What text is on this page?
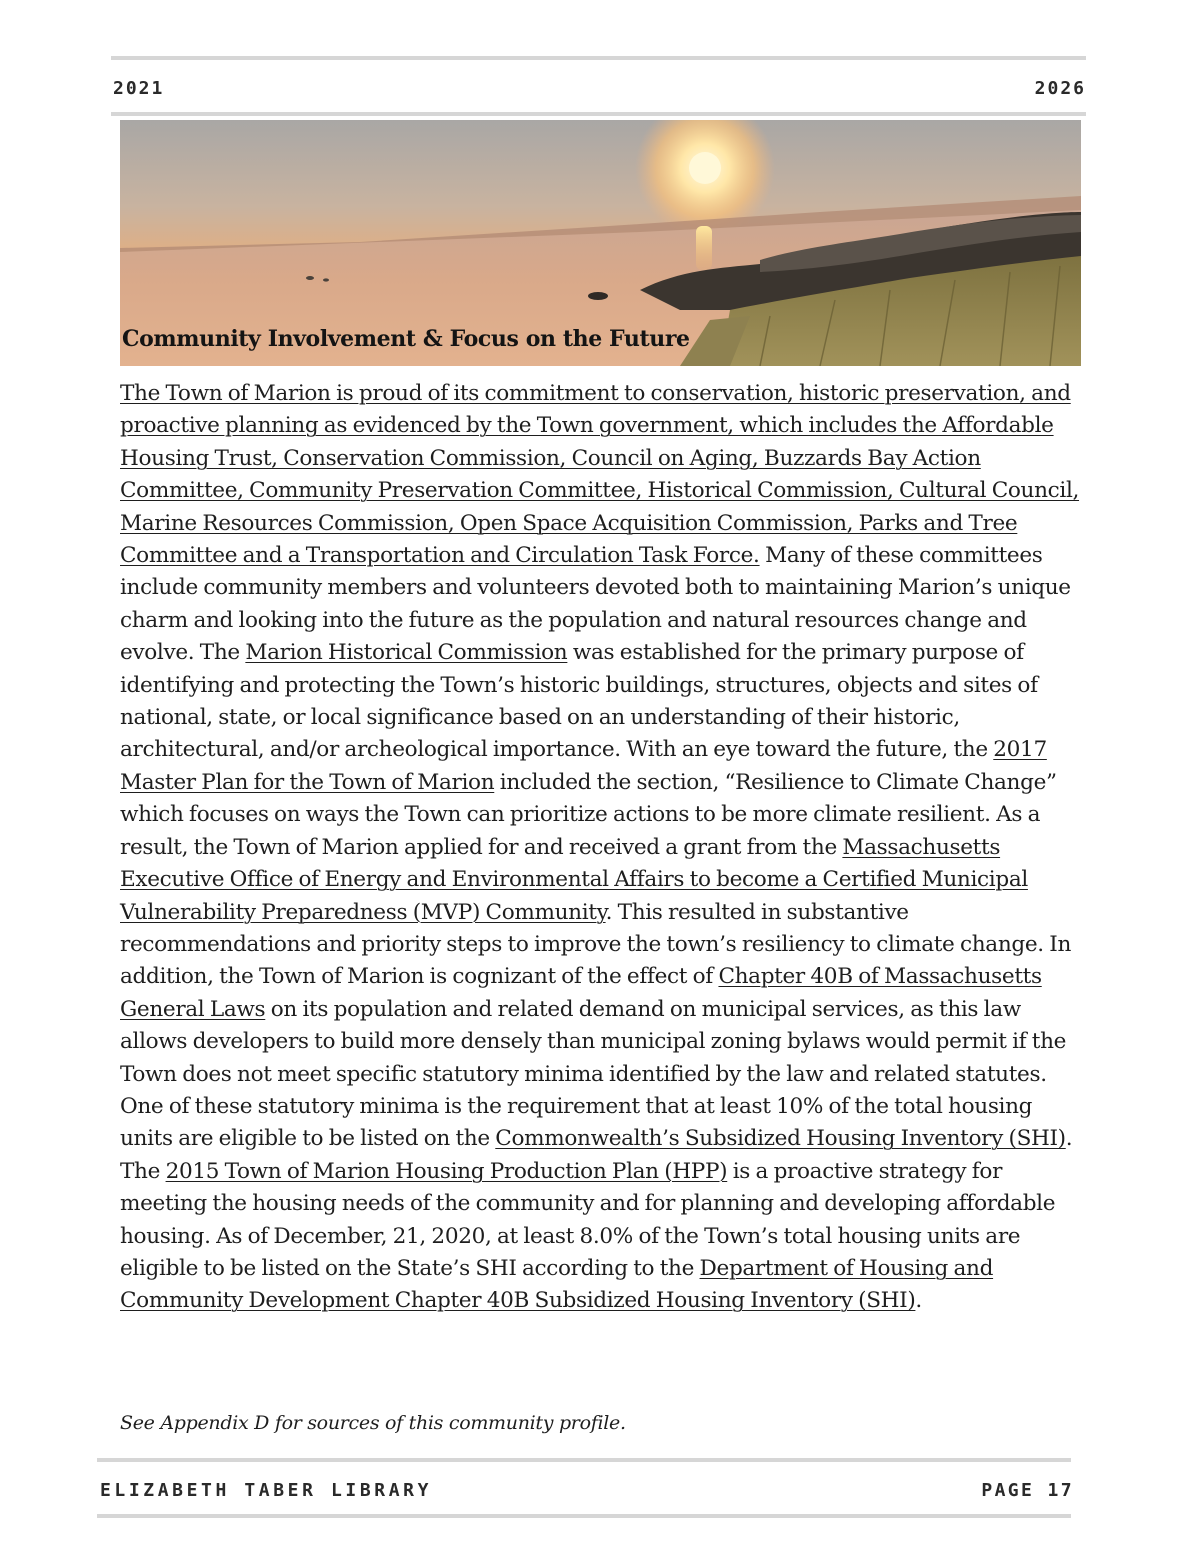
2021	2026
Community Involvement & Focus on the Future
The Town of Marion is proud of its commitment to conservation, historic preservation, and proactive planning as evidenced by the Town government, which includes the Affordable Housing Trust, Conservation Commission, Council on Aging, Buzzards Bay Action Committee, Community Preservation Committee, Historical Commission, Cultural Council, Marine Resources Commission, Open Space Acquisition Commission, Parks and Tree Committee and a Transportation and Circulation Task Force. Many of these committees include community members and volunteers devoted both to maintaining Marion’s unique charm and looking into the future as the population and natural resources change and evolve. The Marion Historical Commission was established for the primary purpose of identifying and protecting the Town’s historic buildings, structures, objects and sites of national, state, or local significance based on an understanding of their historic, architectural, and/or archeological importance. With an eye toward the future, the 2017 Master Plan for the Town of Marion included the section, “Resilience to Climate Change” which focuses on ways the Town can prioritize actions to be more climate resilient. As a result, the Town of Marion applied for and received a grant from the Massachusetts Executive Office of Energy and Environmental Affairs to become a Certified Municipal Vulnerability Preparedness (MVP) Community. This resulted in substantive recommendations and priority steps to improve the town’s resiliency to climate change. In addition, the Town of Marion is cognizant of the effect of Chapter 40B of Massachusetts General Laws on its population and related demand on municipal services, as this law allows developers to build more densely than municipal zoning bylaws would permit if the Town does not meet specific statutory minima identified by the law and related statutes. One of these statutory minima is the requirement that at least 10% of the total housing units are eligible to be listed on the Commonwealth’s Subsidized Housing Inventory (SHI). The 2015 Town of Marion Housing Production Plan (HPP) is a proactive strategy for meeting the housing needs of the community and for planning and developing affordable housing. As of December, 21, 2020, at least 8.0% of the Town’s total housing units are eligible to be listed on the State’s SHI according to the Department of Housing and Community Development Chapter 40B Subsidized Housing Inventory (SHI).
See Appendix D for sources of this community profile.
ELIZABETH TABER LIBRARY	PAGE 17
